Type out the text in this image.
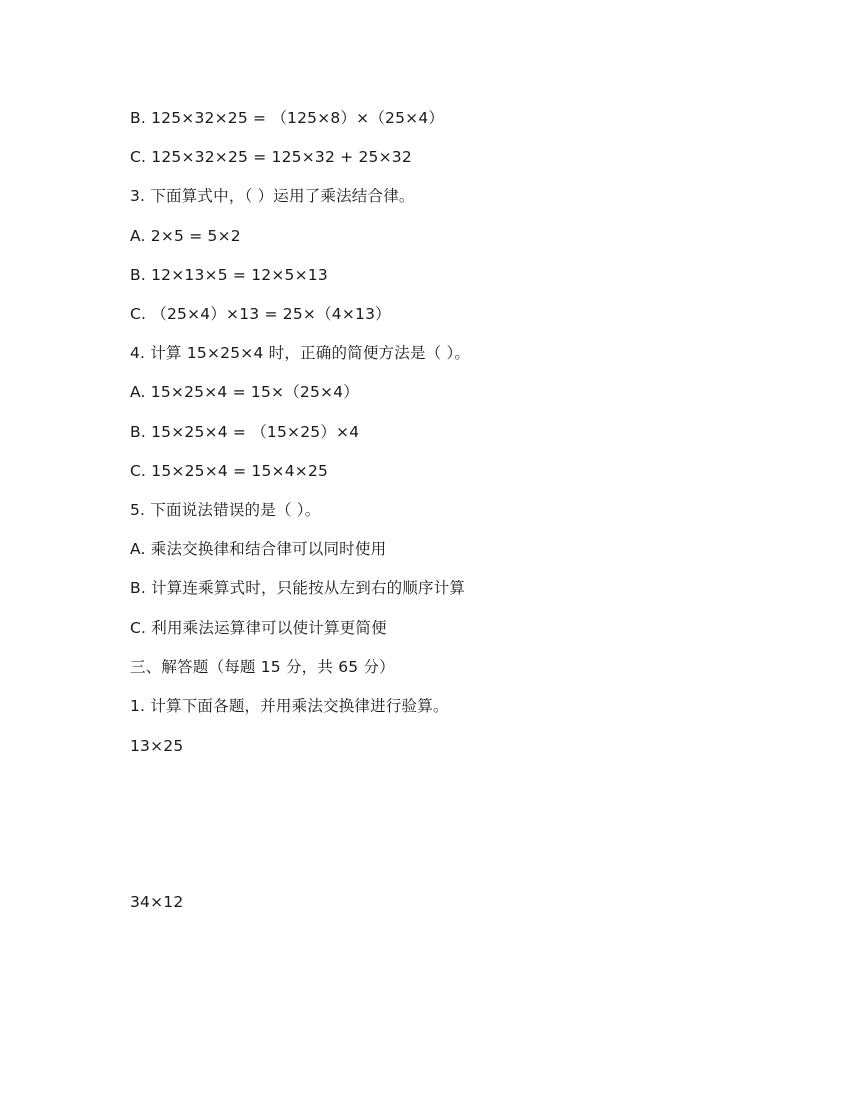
B. 125×32×25 = （125×8）×（25×4）
C. 125×32×25 = 125×32 + 25×32
3. 下面算式中，（ ）运用了乘法结合律。
A. 2×5 = 5×2
B. 12×13×5 = 12×5×13
C. （25×4）×13 = 25×（4×13）
4. 计算 15×25×4 时，正确的简便方法是（ ）。
A. 15×25×4 = 15×（25×4）
B. 15×25×4 = （15×25）×4
C. 15×25×4 = 15×4×25
5. 下面说法错误的是（ ）。
A. 乘法交换律和结合律可以同时使用
B. 计算连乘算式时，只能按从左到右的顺序计算
C. 利用乘法运算律可以使计算更简便
三、解答题（每题 15 分，共 65 分）
1. 计算下面各题，并用乘法交换律进行验算。
13×25
34×12
